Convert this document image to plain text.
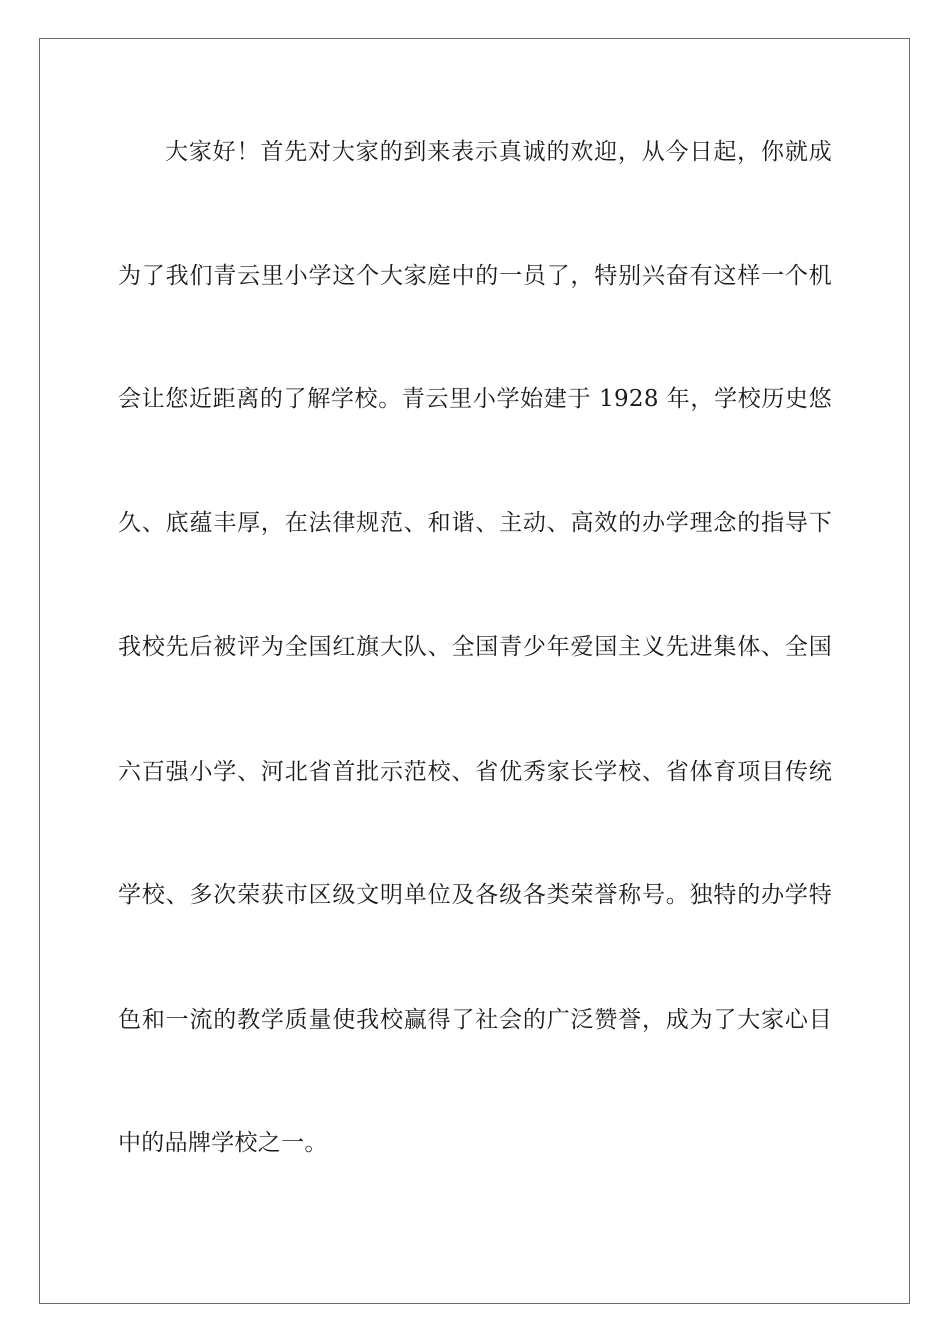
大家好！首先对大家的到来表示真诚的欢迎，从今日起，你就成
为了我们青云里小学这个大家庭中的一员了，特别兴奋有这样一个机
会让您近距离的了解学校。青云里小学始建于 1928 年，学校历史悠
久、底蕴丰厚，在法律规范、和谐、主动、高效的办学理念的指导下
我校先后被评为全国红旗大队、全国青少年爱国主义先进集体、全国
六百强小学、河北省首批示范校、省优秀家长学校、省体育项目传统
学校、多次荣获市区级文明单位及各级各类荣誉称号。独特的办学特
色和一流的教学质量使我校赢得了社会的广泛赞誉，成为了大家心目
中的品牌学校之一。
